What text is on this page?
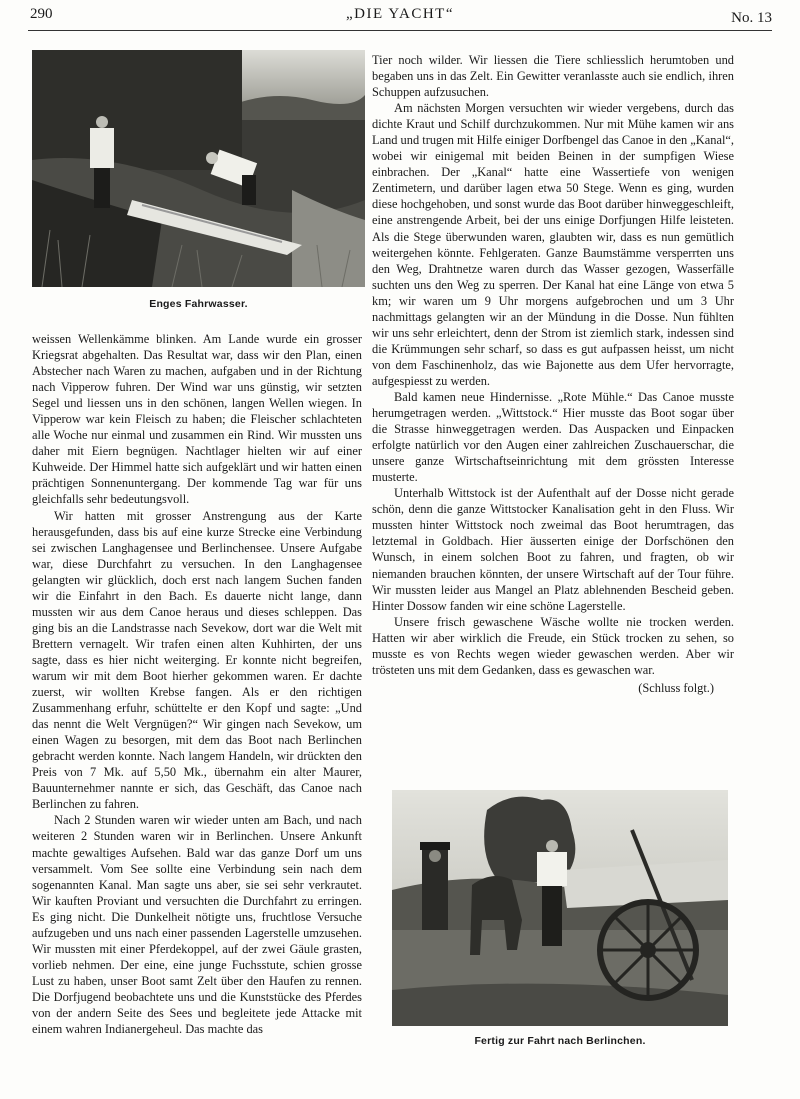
290	„DIE YACHT“	No. 13
Enges Fahrwasser.

weissen Wellenkämme blinken. Am Lande wurde ein grosser Kriegsrat abgehalten. Das Resultat war, dass wir den Plan, einen Abstecher nach Waren zu machen, aufgaben und in der Richtung nach Vipperow fuhren. Der Wind war uns günstig, wir setzten Segel und liessen uns in den schönen, langen Wellen wiegen. In Vipperow war kein Fleisch zu haben; die Fleischer schlachteten alle Woche nur einmal und zusammen ein Rind. Wir mussten uns daher mit Eiern begnügen. Nachtlager hielten wir auf einer Kuhweide. Der Himmel hatte sich aufgeklärt und wir hatten einen prächtigen Sonnenuntergang. Der kommende Tag war für uns gleichfalls sehr bedeutungsvoll.

Wir hatten mit grosser Anstrengung aus der Karte herausgefunden, dass bis auf eine kurze Strecke eine Verbindung sei zwischen Langhagensee und Berlinchensee. Unsere Aufgabe war, diese Durchfahrt zu versuchen. In den Langhagensee gelangten wir glücklich, doch erst nach langem Suchen fanden wir die Einfahrt in den Bach. Es dauerte nicht lange, dann mussten wir aus dem Canoe heraus und dieses schleppen. Das ging bis an die Landstrasse nach Sevekow, dort war die Welt mit Brettern vernagelt. Wir trafen einen alten Kuhhirten, der uns sagte, dass es hier nicht weiterging. Er konnte nicht begreifen, warum wir mit dem Boot hierher gekommen waren. Er dachte zuerst, wir wollten Krebse fangen. Als er den richtigen Zusammenhang erfuhr, schüttelte er den Kopf und sagte: „Und das nennt die Welt Vergnügen?“ Wir gingen nach Sevekow, um einen Wagen zu besorgen, mit dem das Boot nach Berlinchen gebracht werden konnte. Nach langem Handeln, wir drückten den Preis von 7 Mk. auf 5,50 Mk., übernahm ein alter Maurer, Bauunternehmer nannte er sich, das Geschäft, das Canoe nach Berlinchen zu fahren.

Nach 2 Stunden waren wir wieder unten am Bach, und nach weiteren 2 Stunden waren wir in Berlinchen. Unsere Ankunft machte gewaltiges Aufsehen. Bald war das ganze Dorf um uns versammelt. Vom See sollte eine Verbindung sein nach dem sogenannten Kanal. Man sagte uns aber, sie sei sehr verkrautet. Wir kauften Proviant und versuchten die Durchfahrt zu erringen. Es ging nicht. Die Dunkelheit nötigte uns, fruchtlose Versuche aufzugeben und uns nach einer passenden Lagerstelle umzusehen. Wir mussten mit einer Pferdekoppel, auf der zwei Gäule grasten, vorlieb nehmen. Der eine, eine junge Fuchsstute, schien grosse Lust zu haben, unser Boot samt Zelt über den Haufen zu rennen. Die Dorfjugend beobachtete uns und die Kunststücke des Pferdes von der andern Seite des Sees und begleitete jede Attacke mit einem wahren Indianergeheul. Das machte das

Tier noch wilder. Wir liessen die Tiere schliesslich herumtoben und begaben uns in das Zelt. Ein Gewitter veranlasste auch sie endlich, ihren Schuppen aufzusuchen.

Am nächsten Morgen versuchten wir wieder vergebens, durch das dichte Kraut und Schilf durchzukommen. Nur mit Mühe kamen wir ans Land und trugen mit Hilfe einiger Dorfbengel das Canoe in den „Kanal“, wobei wir einigemal mit beiden Beinen in der sumpfigen Wiese einbrachen. Der „Kanal“ hatte eine Wassertiefe von wenigen Zentimetern, und darüber lagen etwa 50 Stege. Wenn es ging, wurden diese hochgehoben, und sonst wurde das Boot darüber hinweggeschleift, eine anstrengende Arbeit, bei der uns einige Dorfjungen Hilfe leisteten. Als die Stege überwunden waren, glaubten wir, dass es nun gemütlich weitergehen könnte. Fehlgeraten. Ganze Baumstämme versperrten uns den Weg, Drahtnetze waren durch das Wasser gezogen, Wasserfälle suchten uns den Weg zu sperren. Der Kanal hat eine Länge von etwa 5 km; wir waren um 9 Uhr morgens aufgebrochen und um 3 Uhr nachmittags gelangten wir an der Mündung in die Dosse. Nun fühlten wir uns sehr erleichtert, denn der Strom ist ziemlich stark, indessen sind die Krümmungen sehr scharf, so dass es gut aufpassen heisst, um nicht von dem Faschinenholz, das wie Bajonette aus dem Ufer hervorragte, aufgespiesst zu werden.

Bald kamen neue Hindernisse. „Rote Mühle.“ Das Canoe musste herumgetragen werden. „Wittstock.“ Hier musste das Boot sogar über die Strasse hinweggetragen werden. Das Auspacken und Einpacken erfolgte natürlich vor den Augen einer zahlreichen Zuschauerschar, die unsere ganze Wirtschaftseinrichtung mit dem grössten Interesse musterte.

Unterhalb Wittstock ist der Aufenthalt auf der Dosse nicht gerade schön, denn die ganze Wittstocker Kanalisation geht in den Fluss. Wir mussten hinter Wittstock noch zweimal das Boot herumtragen, das letztemal in Goldbach. Hier äusserten einige der Dorfschönen den Wunsch, in einem solchen Boot zu fahren, und fragten, ob wir niemanden brauchen könnten, der unsere Wirtschaft auf der Tour führe. Wir mussten leider aus Mangel an Platz ablehnenden Bescheid geben. Hinter Dossow fanden wir eine schöne Lagerstelle.

Unsere frisch gewaschene Wäsche wollte nie trocken werden. Hatten wir aber wirklich die Freude, ein Stück trocken zu sehen, so musste es von Rechts wegen wieder gewaschen werden. Aber wir trösteten uns mit dem Gedanken, dass es gewaschen war.

(Schluss folgt.)

Fertig zur Fahrt nach Berlinchen.
